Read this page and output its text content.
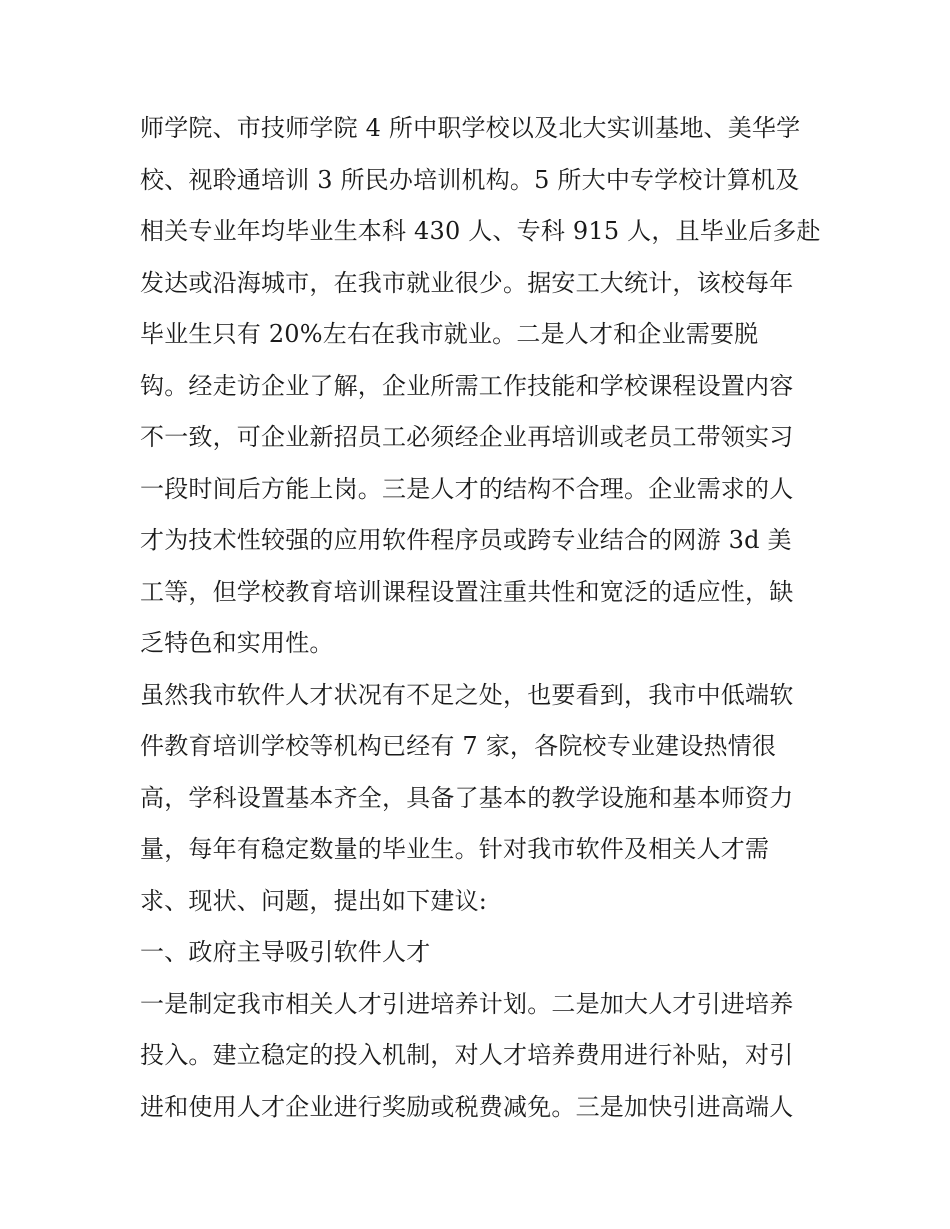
师学院、市技师学院 4 所中职学校以及北大实训基地、美华学

校、视聆通培训 3 所民办培训机构。5 所大中专学校计算机及

相关专业年均毕业生本科 430 人、专科 915 人，且毕业后多赴

发达或沿海城市，在我市就业很少。据安工大统计，该校每年

毕业生只有 20%左右在我市就业。二是人才和企业需要脱

钩。经走访企业了解，企业所需工作技能和学校课程设置内容

不一致，可企业新招员工必须经企业再培训或老员工带领实习

一段时间后方能上岗。三是人才的结构不合理。企业需求的人

才为技术性较强的应用软件程序员或跨专业结合的网游 3d 美

工等，但学校教育培训课程设置注重共性和宽泛的适应性，缺

乏特色和实用性。

虽然我市软件人才状况有不足之处，也要看到，我市中低端软

件教育培训学校等机构已经有 7 家，各院校专业建设热情很

高，学科设置基本齐全，具备了基本的教学设施和基本师资力

量，每年有稳定数量的毕业生。针对我市软件及相关人才需

求、现状、问题，提出如下建议:

一、政府主导吸引软件人才

一是制定我市相关人才引进培养计划。二是加大人才引进培养

投入。建立稳定的投入机制，对人才培养费用进行补贴，对引

进和使用人才企业进行奖励或税费减免。三是加快引进高端人
